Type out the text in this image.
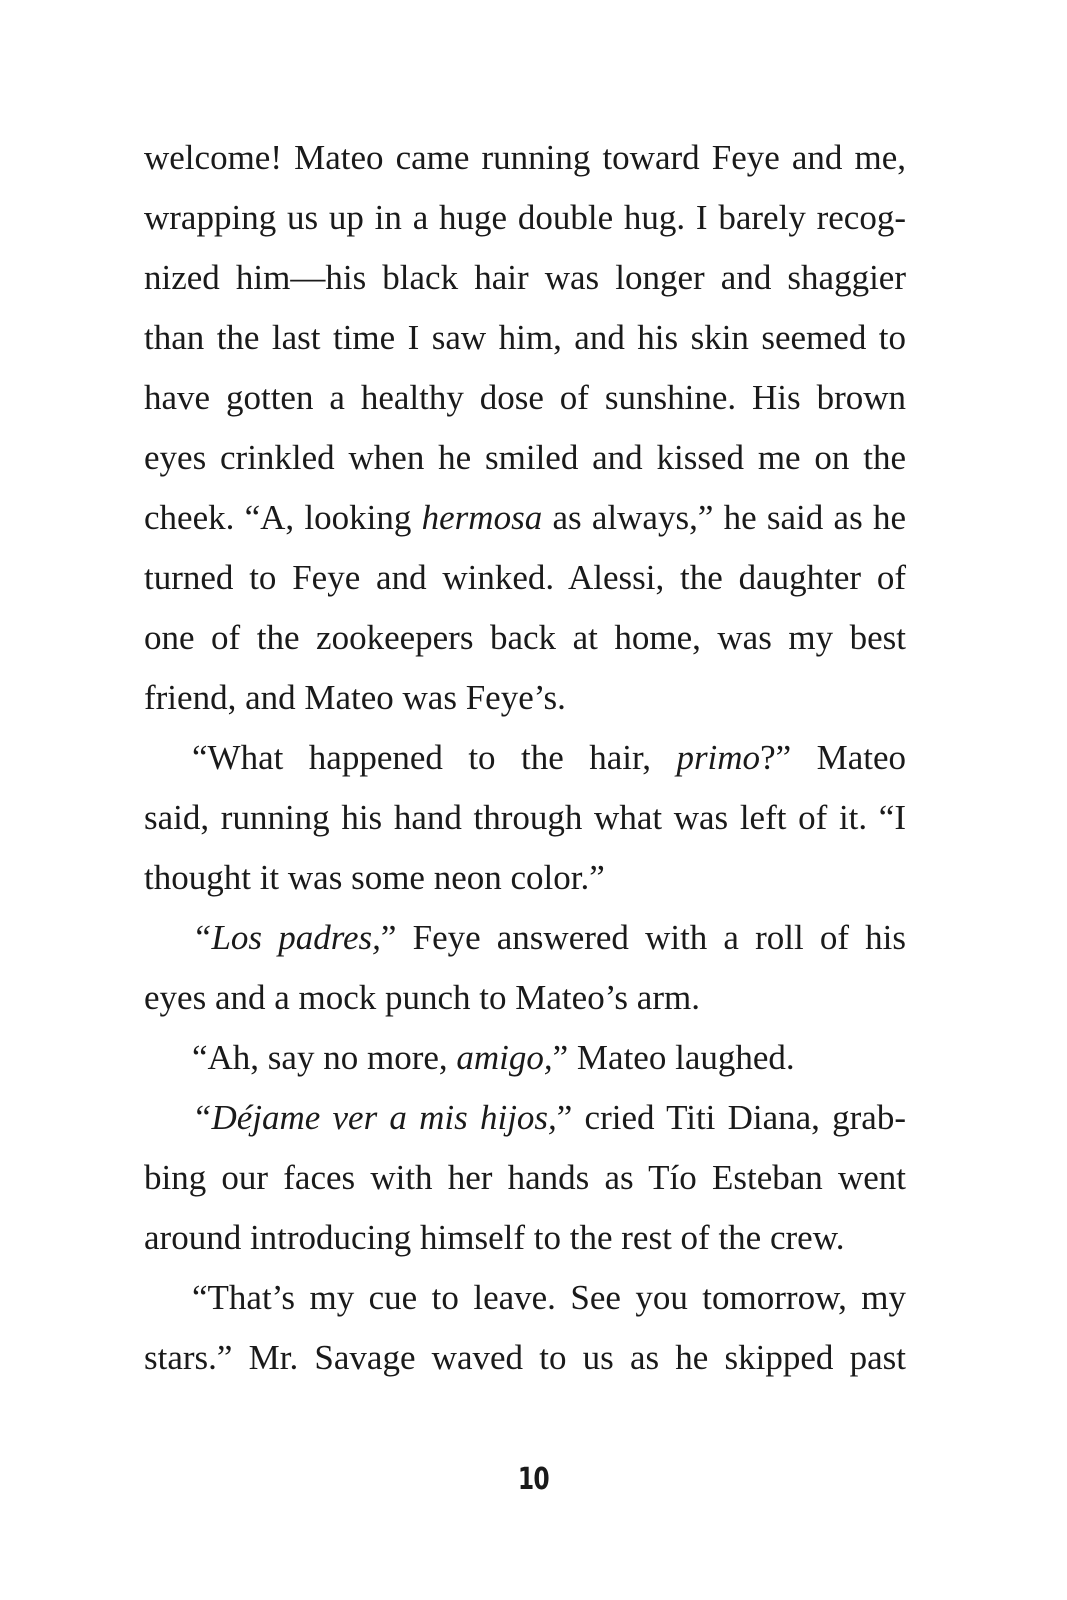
welcome! Mateo came running toward Feye and me,
wrapping us up in a huge double hug. I barely recog-
nized him—his black hair was longer and shaggier
than the last time I saw him, and his skin seemed to
have gotten a healthy dose of sunshine. His brown
eyes crinkled when he smiled and kissed me on the
cheek. “A, looking hermosa as always,” he said as he
turned to Feye and winked. Alessi, the daughter of
one of the zookeepers back at home, was my best
friend, and Mateo was Feye’s.
“What happened to the hair, primo?” Mateo
said, running his hand through what was left of it. “I
thought it was some neon color.”
“Los padres,” Feye answered with a roll of his
eyes and a mock punch to Mateo’s arm.
“Ah, say no more, amigo,” Mateo laughed.
“Déjame ver a mis hijos,” cried Titi Diana, grab-
bing our faces with her hands as Tío Esteban went
around introducing himself to the rest of the crew.
“That’s my cue to leave. See you tomorrow, my
stars.” Mr. Savage waved to us as he skipped past
10
